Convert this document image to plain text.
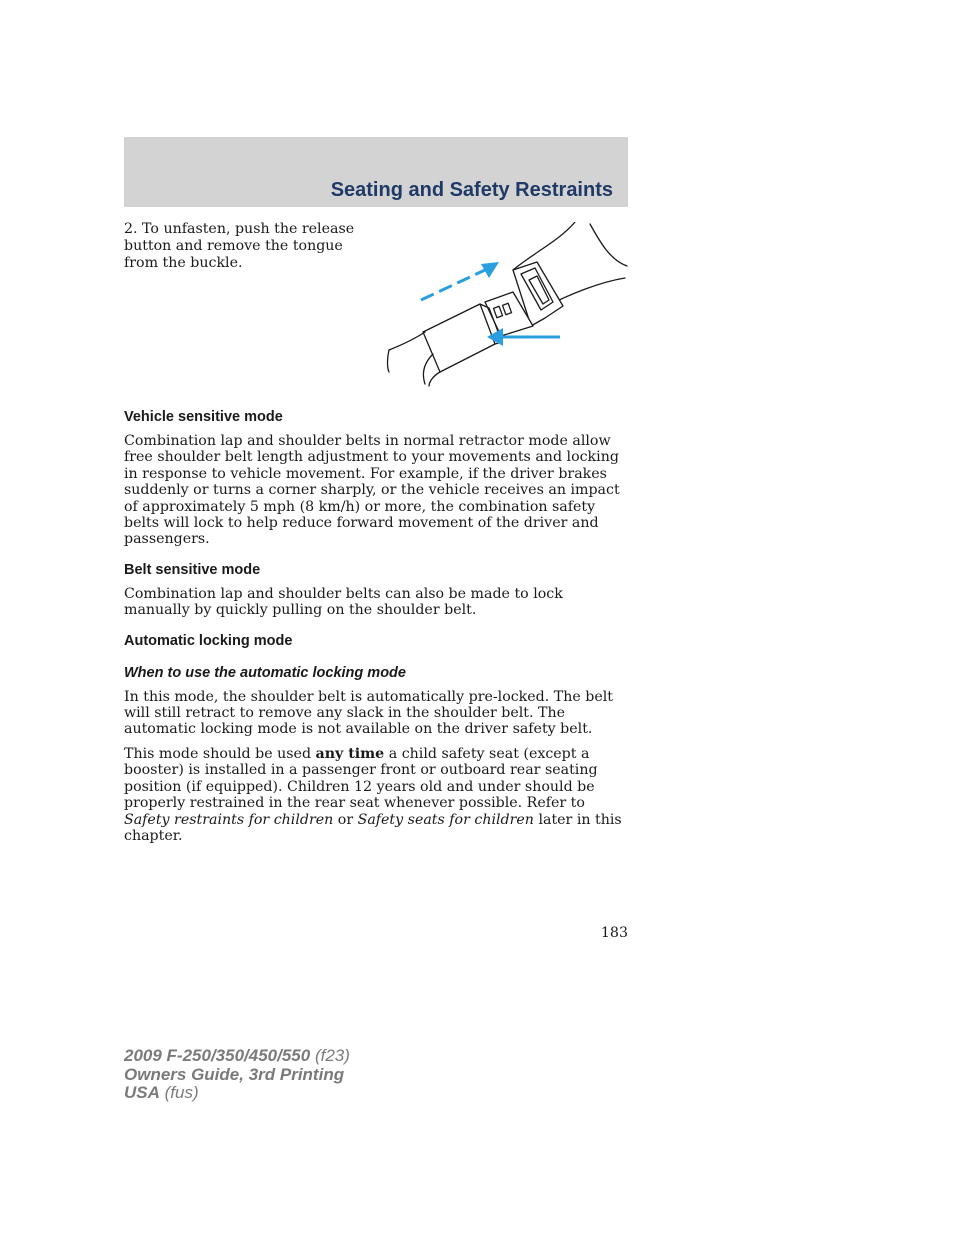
Seating and Safety Restraints

2. To unfasten, push the release button and remove the tongue from the buckle.

Vehicle sensitive mode

Combination lap and shoulder belts in normal retractor mode allow free shoulder belt length adjustment to your movements and locking in response to vehicle movement. For example, if the driver brakes suddenly or turns a corner sharply, or the vehicle receives an impact of approximately 5 mph (8 km/h) or more, the combination safety belts will lock to help reduce forward movement of the driver and passengers.

Belt sensitive mode

Combination lap and shoulder belts can also be made to lock manually by quickly pulling on the shoulder belt.

Automatic locking mode
When to use the automatic locking mode

In this mode, the shoulder belt is automatically pre-locked. The belt will still retract to remove any slack in the shoulder belt. The automatic locking mode is not available on the driver safety belt.

This mode should be used any time a child safety seat (except a booster) is installed in a passenger front or outboard rear seating position (if equipped). Children 12 years old and under should be properly restrained in the rear seat whenever possible. Refer to Safety restraints for children or Safety seats for children later in this chapter.

183
2009 F-250/350/450/550 (f23)
Owners Guide, 3rd Printing
USA (fus)
